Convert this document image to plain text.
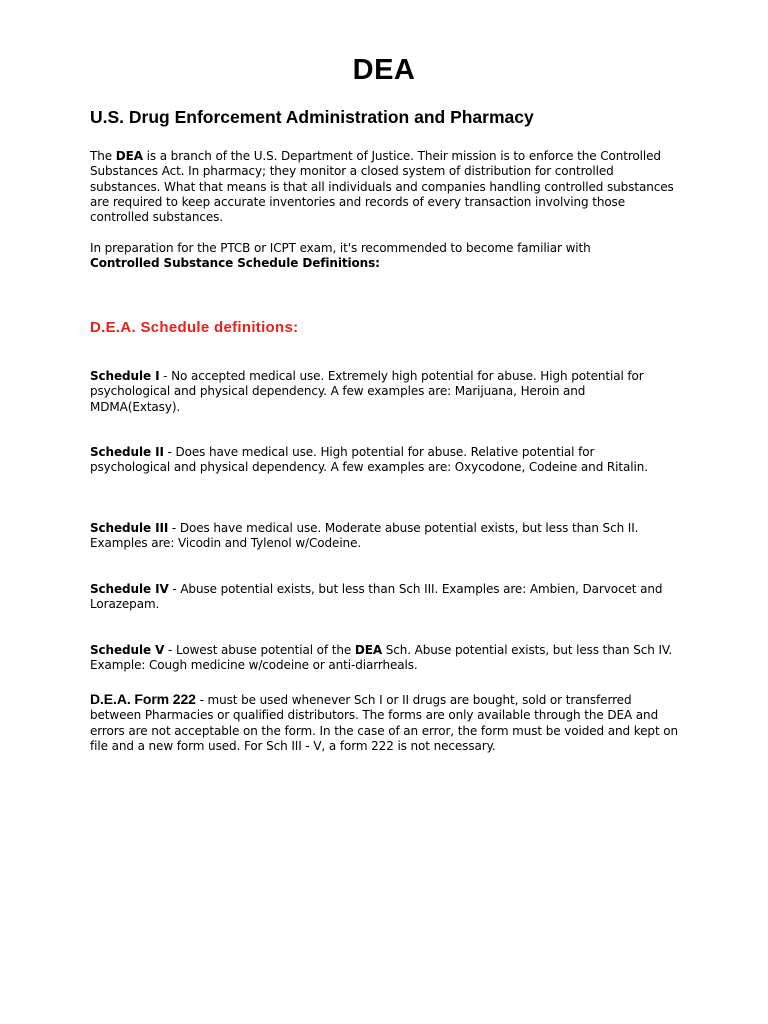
DEA
U.S. Drug Enforcement Administration and Pharmacy

The DEA is a branch of the U.S. Department of Justice. Their mission is to enforce the Controlled Substances Act. In pharmacy; they monitor a closed system of distribution for controlled substances. What that means is that all individuals and companies handling controlled substances are required to keep accurate inventories and records of every transaction involving those controlled substances.

In preparation for the PTCB or ICPT exam, it's recommended to become familiar with
Controlled Substance Schedule Definitions:

D.E.A. Schedule definitions:

Schedule I - No accepted medical use. Extremely high potential for abuse. High potential for psychological and physical dependency. A few examples are: Marijuana, Heroin and MDMA(Extasy).

Schedule II - Does have medical use. High potential for abuse. Relative potential for psychological and physical dependency. A few examples are: Oxycodone, Codeine and Ritalin.

Schedule III - Does have medical use. Moderate abuse potential exists, but less than Sch II. Examples are: Vicodin and Tylenol w/Codeine.

Schedule IV - Abuse potential exists, but less than Sch III. Examples are: Ambien, Darvocet and Lorazepam.

Schedule V - Lowest abuse potential of the DEA Sch. Abuse potential exists, but less than Sch IV. Example: Cough medicine w/codeine or anti-diarrheals.

D.E.A. Form 222 - must be used whenever Sch I or II drugs are bought, sold or transferred between Pharmacies or qualified distributors. The forms are only available through the DEA and errors are not acceptable on the form. In the case of an error, the form must be voided and kept on file and a new form used. For Sch III - V, a form 222 is not necessary.
